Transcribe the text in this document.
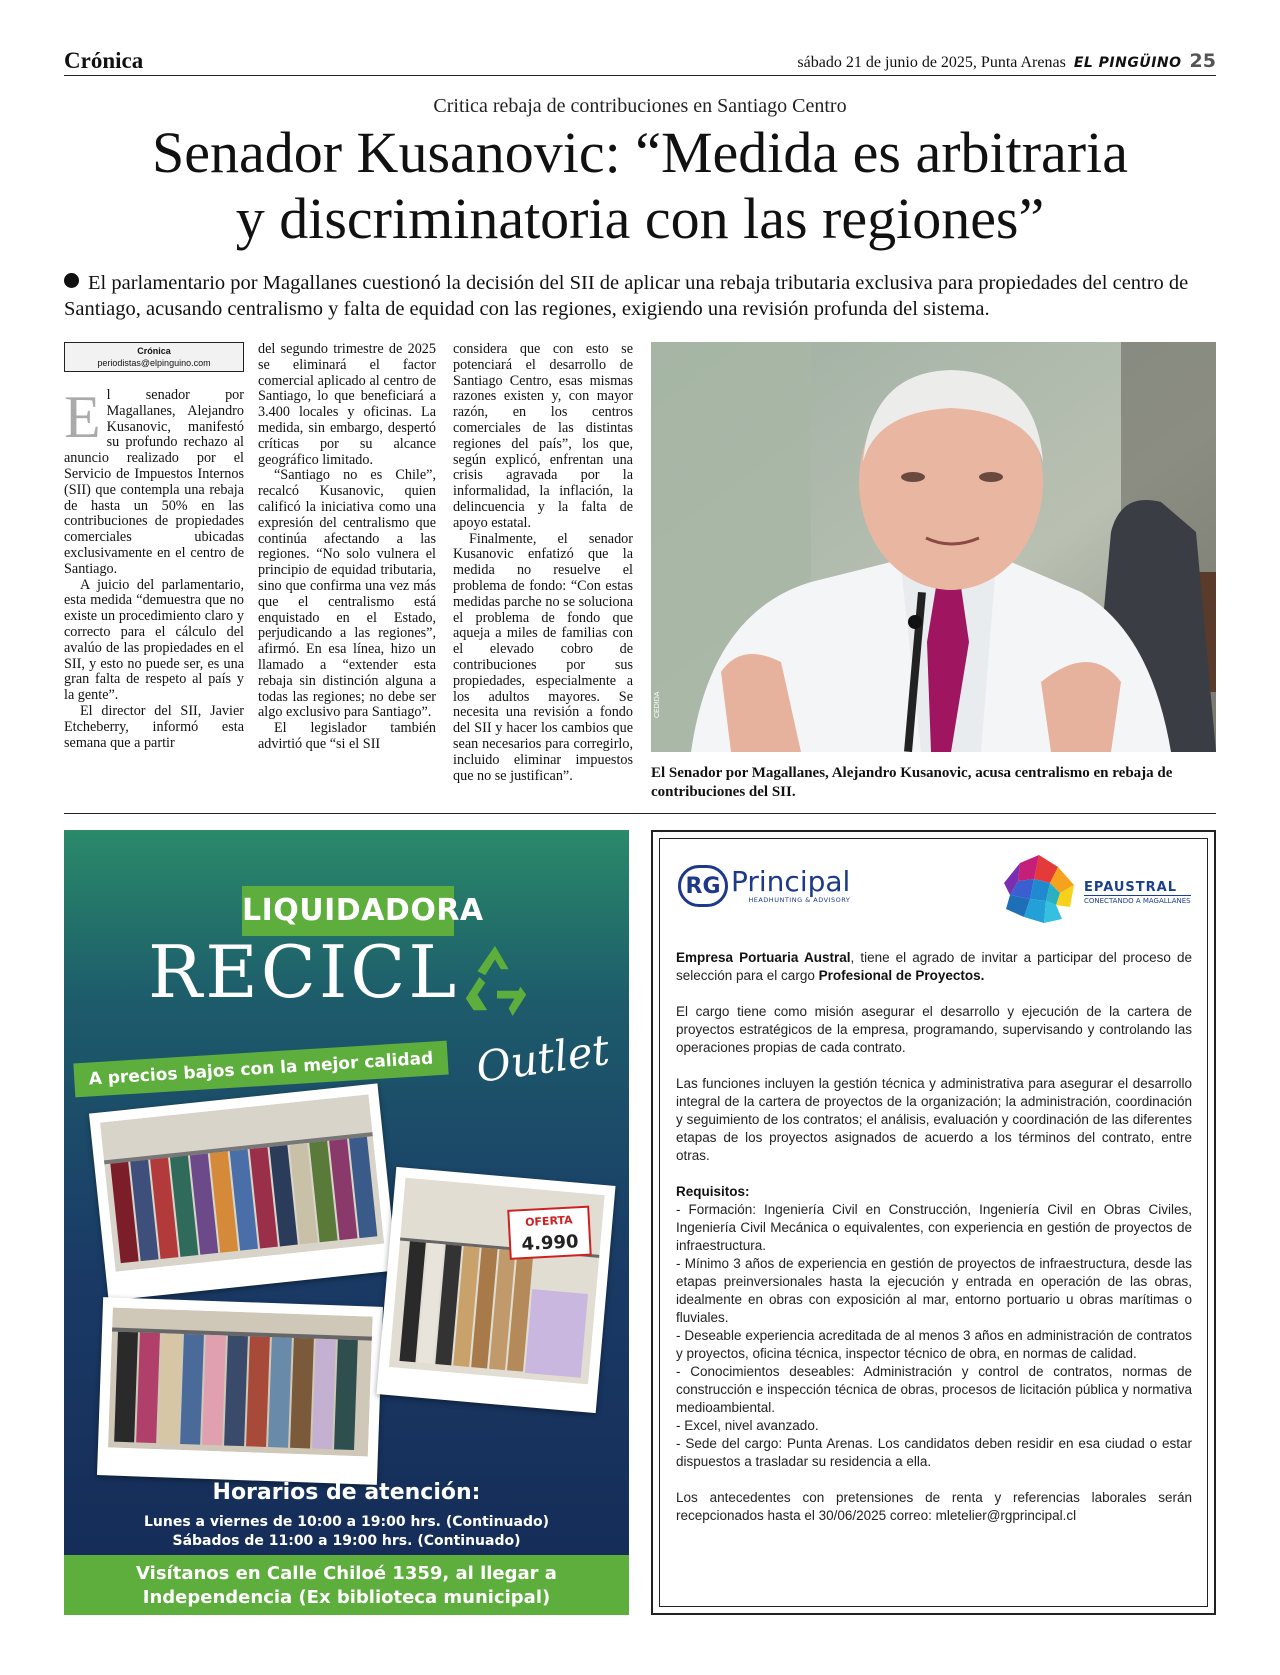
Crónica	sábado 21 de junio de 2025, Punta Arenas EL PINGÜINO 25
Critica rebaja de contribuciones en Santiago Centro
Senador Kusanovic: “Medida es arbitraria
y discriminatoria con las regiones”
El parlamentario por Magallanes cuestionó la decisión del SII de aplicar una rebaja tributaria exclusiva para propiedades del centro de Santiago, acusando centralismo y falta de equidad con las regiones, exigiendo una revisión profunda del sistema.
Crónica
periodistas@elpinguino.com

El senador por Magallanes, Alejandro Kusanovic, manifestó su profundo rechazo al anuncio realizado por el Servicio de Impuestos Internos (SII) que contempla una rebaja de hasta un 50% en las contribuciones de propiedades comerciales ubicadas exclusivamente en el centro de Santiago.

A juicio del parlamentario, esta medida “demuestra que no existe un procedimiento claro y correcto para el cálculo del avalúo de las propiedades en el SII, y esto no puede ser, es una gran falta de respeto al país y la gente”.

El director del SII, Javier Etcheberry, informó esta semana que a partir

del segundo trimestre de 2025 se eliminará el factor comercial aplicado al centro de Santiago, lo que beneficiará a 3.400 locales y oficinas. La medida, sin embargo, despertó críticas por su alcance geográfico limitado.

“Santiago no es Chile”, recalcó Kusanovic, quien calificó la iniciativa como una expresión del centralismo que continúa afectando a las regiones. “No solo vulnera el principio de equidad tributaria, sino que confirma una vez más que el centralismo está enquistado en el Estado, perjudicando a las regiones”, afirmó. En esa línea, hizo un llamado a “extender esta rebaja sin distinción alguna a todas las regiones; no debe ser algo exclusivo para Santiago”.

El legislador también advirtió que “si el SII

considera que con esto se potenciará el desarrollo de Santiago Centro, esas mismas razones existen y, con mayor razón, en los centros comerciales de las distintas regiones del país”, los que, según explicó, enfrentan una crisis agravada por la informalidad, la inflación, la delincuencia y la falta de apoyo estatal.

Finalmente, el senador Kusanovic enfatizó que la medida no resuelve el problema de fondo: “Con estas medidas parche no se soluciona el problema de fondo que aqueja a miles de familias con el elevado cobro de contribuciones por sus propiedades, especialmente a los adultos mayores. Se necesita una revisión a fondo del SII y hacer los cambios que sean necesarios para corregirlo, incluido eliminar impuestos que no se justifican”.

CEDIDA
El Senador por Magallanes, Alejandro Kusanovic, acusa centralismo en rebaja de contribuciones del SII.
LIQUIDADORA
RECICL
A precios bajos con la mejor calidad Outlet
OFERTA
4.990
Horarios de atención:
Lunes a viernes de 10:00 a 19:00 hrs. (Continuado)
Sábados de 11:00 a 19:00 hrs. (Continuado)
Visítanos en Calle Chiloé 1359, al llegar a
Independencia (Ex biblioteca municipal)
RG Principal
HEADHUNTING & ADVISORY
EPAUSTRAL
CONECTANDO A MAGALLANES

Empresa Portuaria Austral, tiene el agrado de invitar a participar del proceso de selección para el cargo Profesional de Proyectos.

El cargo tiene como misión asegurar el desarrollo y ejecución de la cartera de proyectos estratégicos de la empresa, programando, supervisando y controlando las operaciones propias de cada contrato.

Las funciones incluyen la gestión técnica y administrativa para asegurar el desarrollo integral de la cartera de proyectos de la organización; la administración, coordinación y seguimiento de los contratos; el análisis, evaluación y coordinación de las diferentes etapas de los proyectos asignados de acuerdo a los términos del contrato, entre otras.

Requisitos:
- Formación: Ingeniería Civil en Construcción, Ingeniería Civil en Obras Civiles, Ingeniería Civil Mecánica o equivalentes, con experiencia en gestión de proyectos de infraestructura.
- Mínimo 3 años de experiencia en gestión de proyectos de infraestructura, desde las etapas preinversionales hasta la ejecución y entrada en operación de las obras, idealmente en obras con exposición al mar, entorno portuario u obras marítimas o fluviales.
- Deseable experiencia acreditada de al menos 3 años en administración de contratos y proyectos, oficina técnica, inspector técnico de obra, en normas de calidad.
- Conocimientos deseables: Administración y control de contratos, normas de construcción e inspección técnica de obras, procesos de licitación pública y normativa medioambiental.
- Excel, nivel avanzado.
- Sede del cargo: Punta Arenas. Los candidatos deben residir en esa ciudad o estar dispuestos a trasladar su residencia a ella.

Los antecedentes con pretensiones de renta y referencias laborales serán recepcionados hasta el 30/06/2025 correo: mletelier@rgprincipal.cl
